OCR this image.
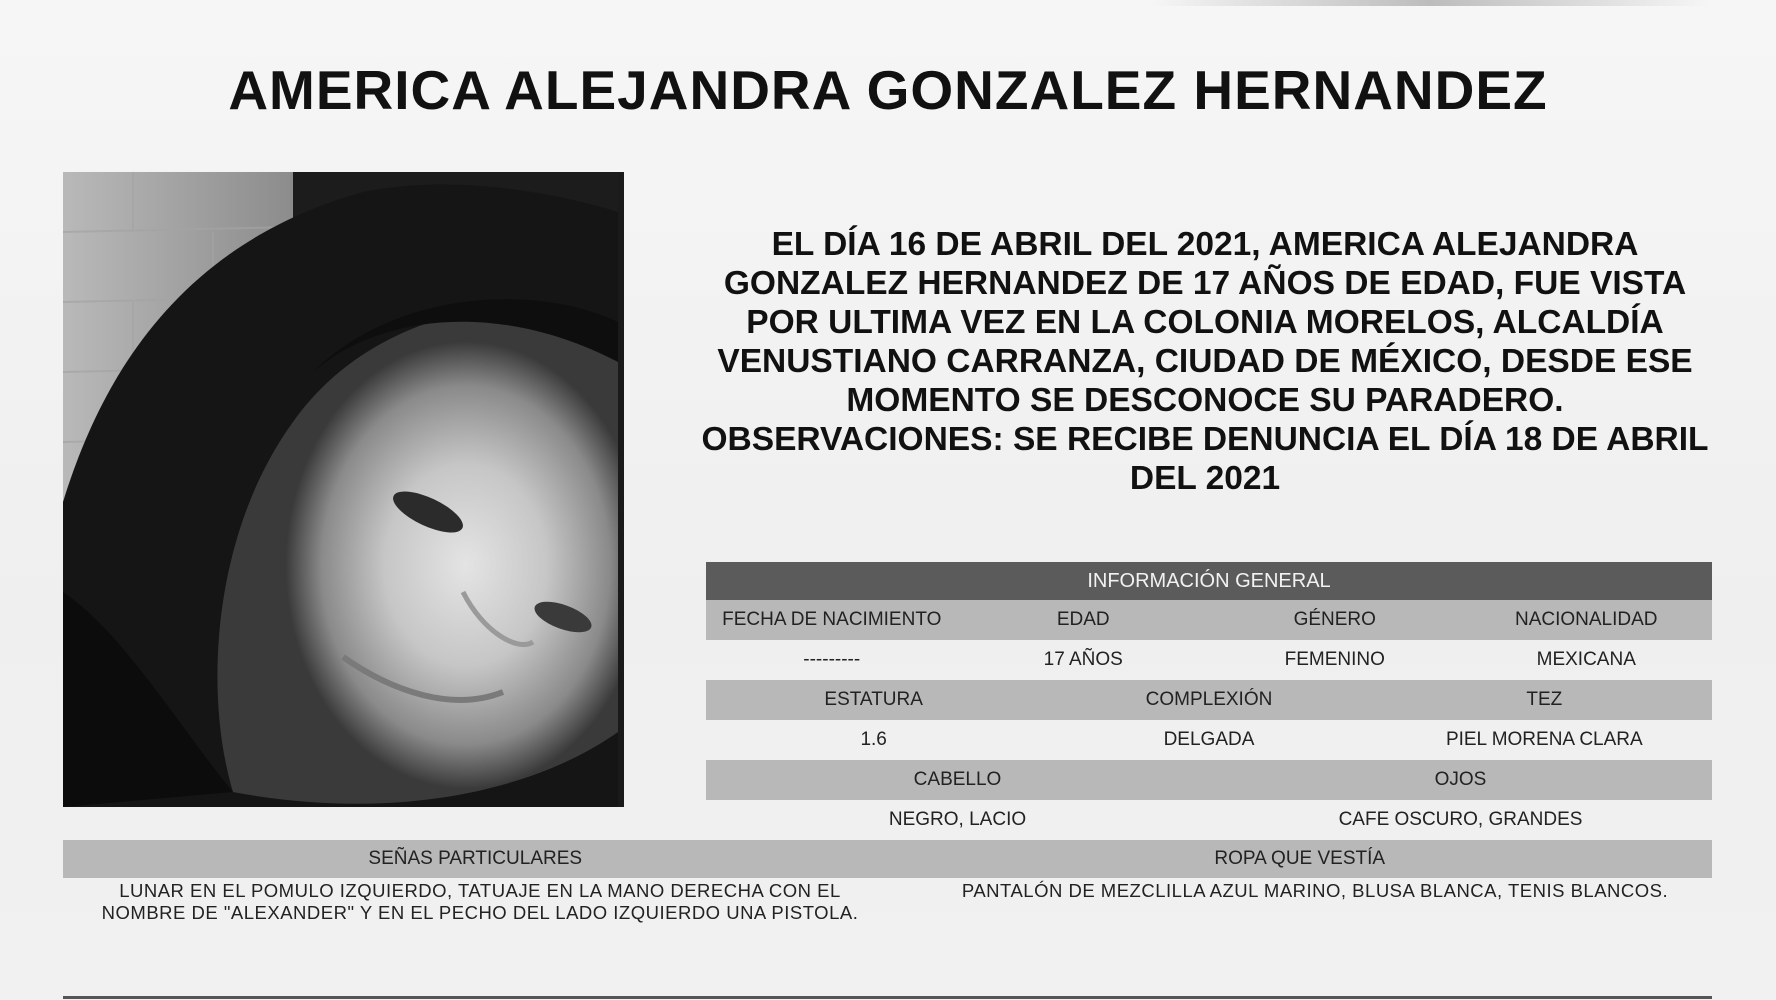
AMERICA ALEJANDRA GONZALEZ HERNANDEZ
EL DÍA 16 DE ABRIL DEL 2021, AMERICA ALEJANDRA GONZALEZ HERNANDEZ DE 17 AÑOS DE EDAD, FUE VISTA POR ULTIMA VEZ EN LA COLONIA MORELOS, ALCALDÍA VENUSTIANO CARRANZA, CIUDAD DE MÉXICO, DESDE ESE MOMENTO SE DESCONOCE SU PARADERO. OBSERVACIONES: SE RECIBE DENUNCIA EL DÍA 18 DE ABRIL DEL 2021
INFORMACIÓN GENERAL
FECHA DE NACIMIENTO	EDAD	GÉNERO	NACIONALIDAD
---------	17 AÑOS	FEMENINO	MEXICANA
ESTATURA	COMPLEXIÓN	TEZ
1.6	DELGADA	PIEL MORENA CLARA
CABELLO	OJOS
NEGRO, LACIO	CAFE OSCURO, GRANDES
SEÑAS PARTICULARES	ROPA QUE VESTÍA
LUNAR EN EL POMULO IZQUIERDO, TATUAJE EN LA MANO DERECHA CON EL
NOMBRE DE "ALEXANDER" Y EN EL PECHO DEL LADO IZQUIERDO UNA PISTOLA.
PANTALÓN DE MEZCLILLA AZUL MARINO, BLUSA BLANCA, TENIS BLANCOS.
